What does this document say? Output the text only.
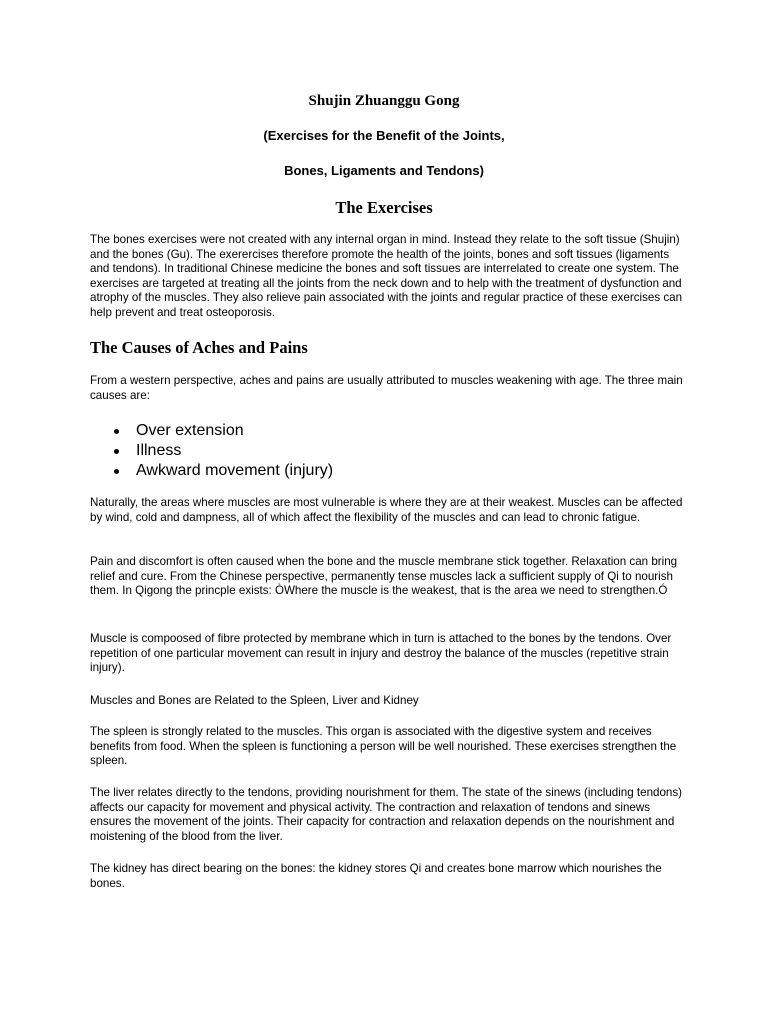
Shujin Zhuanggu Gong

(Exercises for the Benefit of the Joints,

Bones, Ligaments and Tendons)

The Exercises

The bones exercises were not created with any internal organ in mind. Instead they relate to the soft tissue (Shujin) and the bones (Gu). The exerercises therefore promote the health of the joints, bones and soft tissues (ligaments and tendons). In traditional Chinese medicine the bones and soft tissues are interrelated to create one system. The exercises are targeted at treating all the joints from the neck down and to help with the treatment of dysfunction and atrophy of the muscles. They also relieve pain associated with the joints and regular practice of these exercises can help prevent and treat osteoporosis.

The Causes of Aches and Pains

From a western perspective, aches and pains are usually attributed to muscles weakening with age. The three main causes are:

Over extension
Illness
Awkward movement (injury)

Naturally, the areas where muscles are most vulnerable is where they are at their weakest. Muscles can be affected by wind, cold and dampness, all of which affect the flexibility of the muscles and can lead to chronic fatigue.

Pain and discomfort is often caused when the bone and the muscle membrane stick together. Relaxation can bring relief and cure. From the Chinese perspective, permanently tense muscles lack a sufficient supply of Qi to nourish them. In Qigong the princple exists: ÒWhere the muscle is the weakest, that is the area we need to strengthen.Ó

Muscle is compoosed of fibre protected by membrane which in turn is attached to the bones by the tendons. Over repetition of one particular movement can result in injury and destroy the balance of the muscles (repetitive strain injury).

Muscles and Bones are Related to the Spleen, Liver and Kidney

The spleen is strongly related to the muscles. This organ is associated with the digestive system and receives benefits from food. When the spleen is functioning a person will be well nourished. These exercises strengthen the spleen.

The liver relates directly to the tendons, providing nourishment for them. The state of the sinews (including tendons) affects our capacity for movement and physical activity. The contraction and relaxation of tendons and sinews ensures the movement of the joints. Their capacity for contraction and relaxation depends on the nourishment and moistening of the blood from the liver.

The kidney has direct bearing on the bones: the kidney stores Qi and creates bone marrow which nourishes the bones.
